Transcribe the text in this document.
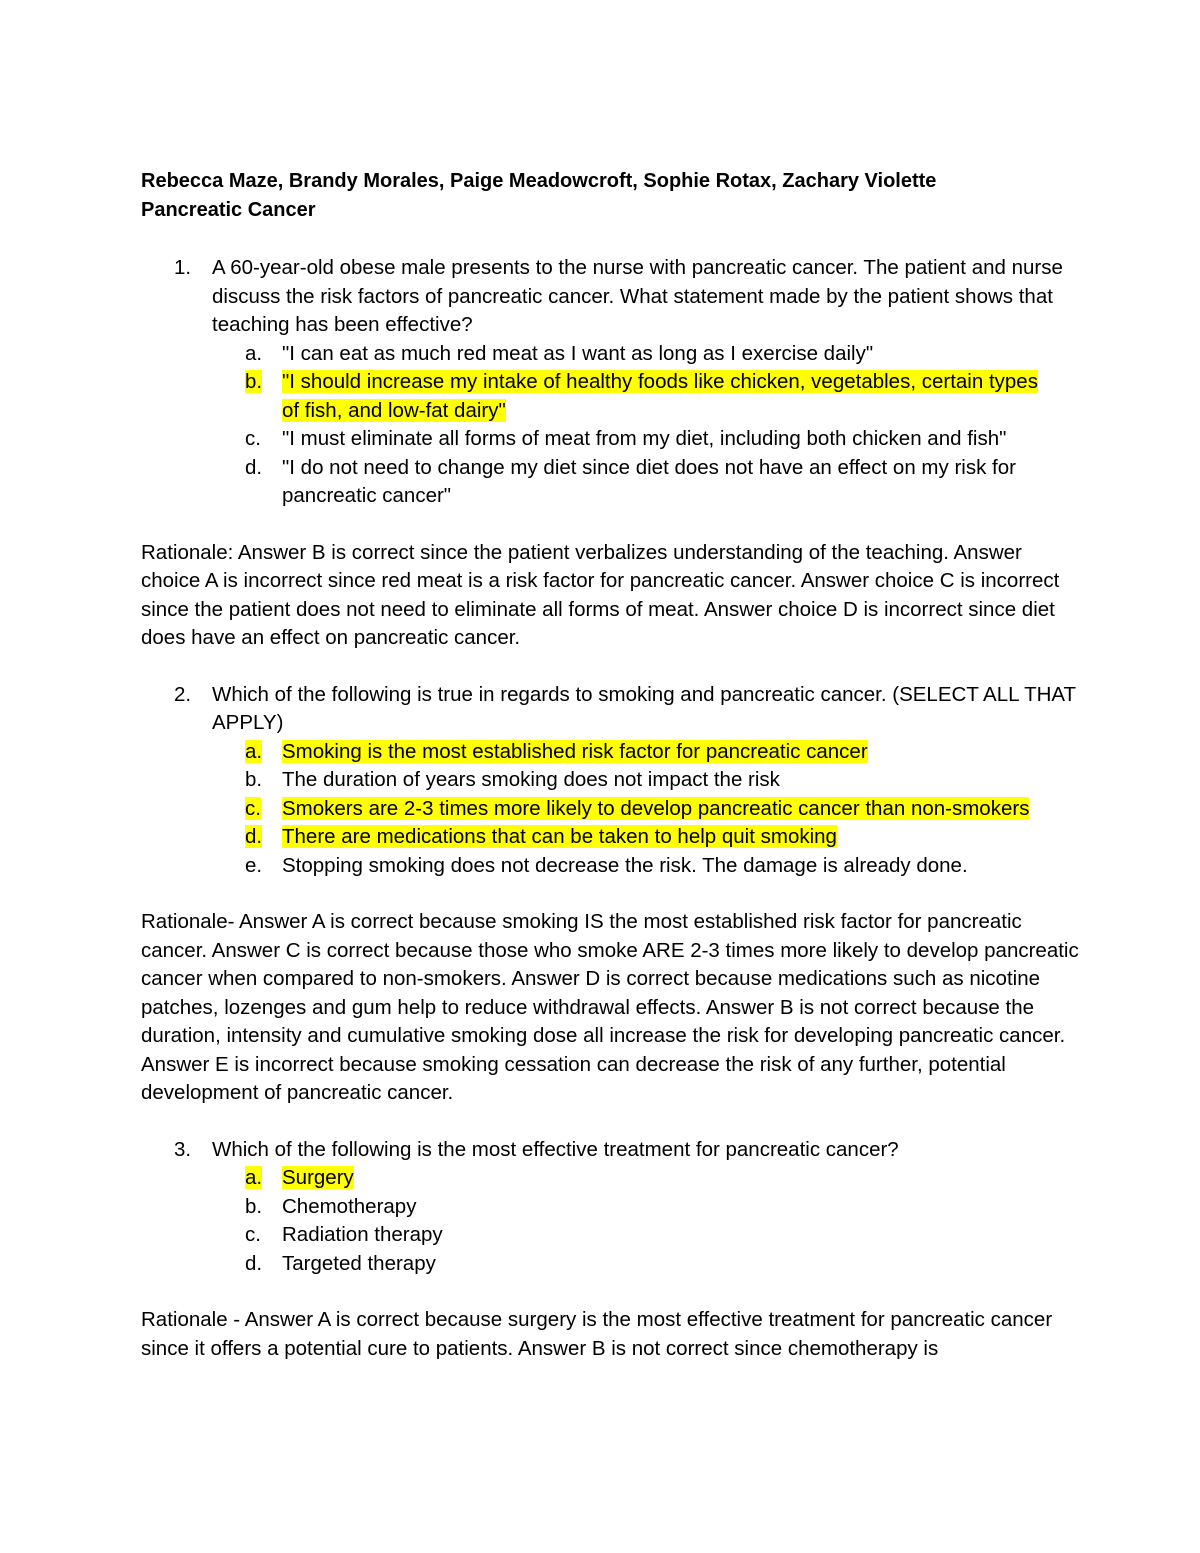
Rebecca Maze, Brandy Morales, Paige Meadowcroft, Sophie Rotax, Zachary Violette
Pancreatic Cancer
1.	A 60-year-old obese male presents to the nurse with pancreatic cancer. The patient and nurse discuss the risk factors of pancreatic cancer. What statement made by the patient shows that teaching has been effective?
a. "I can eat as much red meat as I want as long as I exercise daily"
b. "I should increase my intake of healthy foods like chicken, vegetables, certain types of fish, and low-fat dairy"
c.	"I must eliminate all forms of meat from my diet, including both chicken and fish"
d. "I do not need to change my diet since diet does not have an effect on my risk for pancreatic cancer"
Rationale: Answer B is correct since the patient verbalizes understanding of the teaching. Answer choice A is incorrect since red meat is a risk factor for pancreatic cancer. Answer choice C is incorrect since the patient does not need to eliminate all forms of meat. Answer choice D is incorrect since diet does have an effect on pancreatic cancer.
2.	Which of the following is true in regards to smoking and pancreatic cancer. (SELECT ALL THAT APPLY)
a. Smoking is the most established risk factor for pancreatic cancer
b. The duration of years smoking does not impact the risk
c.	Smokers are 2-3 times more likely to develop pancreatic cancer than non-smokers
d. There are medications that can be taken to help quit smoking
e. Stopping smoking does not decrease the risk. The damage is already done.
Rationale- Answer A is correct because smoking IS the most established risk factor for pancreatic cancer. Answer C is correct because those who smoke ARE 2-3 times more likely to develop pancreatic cancer when compared to non-smokers. Answer D is correct because medications such as nicotine patches, lozenges and gum help to reduce withdrawal effects. Answer B is not correct because the duration, intensity and cumulative smoking dose all increase the risk for developing pancreatic cancer. Answer E is incorrect because smoking cessation can decrease the risk of any further, potential development of pancreatic cancer.
3.	Which of the following is the most effective treatment for pancreatic cancer?
a. Surgery
b. Chemotherapy
c.	Radiation therapy
d. Targeted therapy
Rationale - Answer A is correct because surgery is the most effective treatment for pancreatic cancer since it offers a potential cure to patients. Answer B is not correct since chemotherapy is
